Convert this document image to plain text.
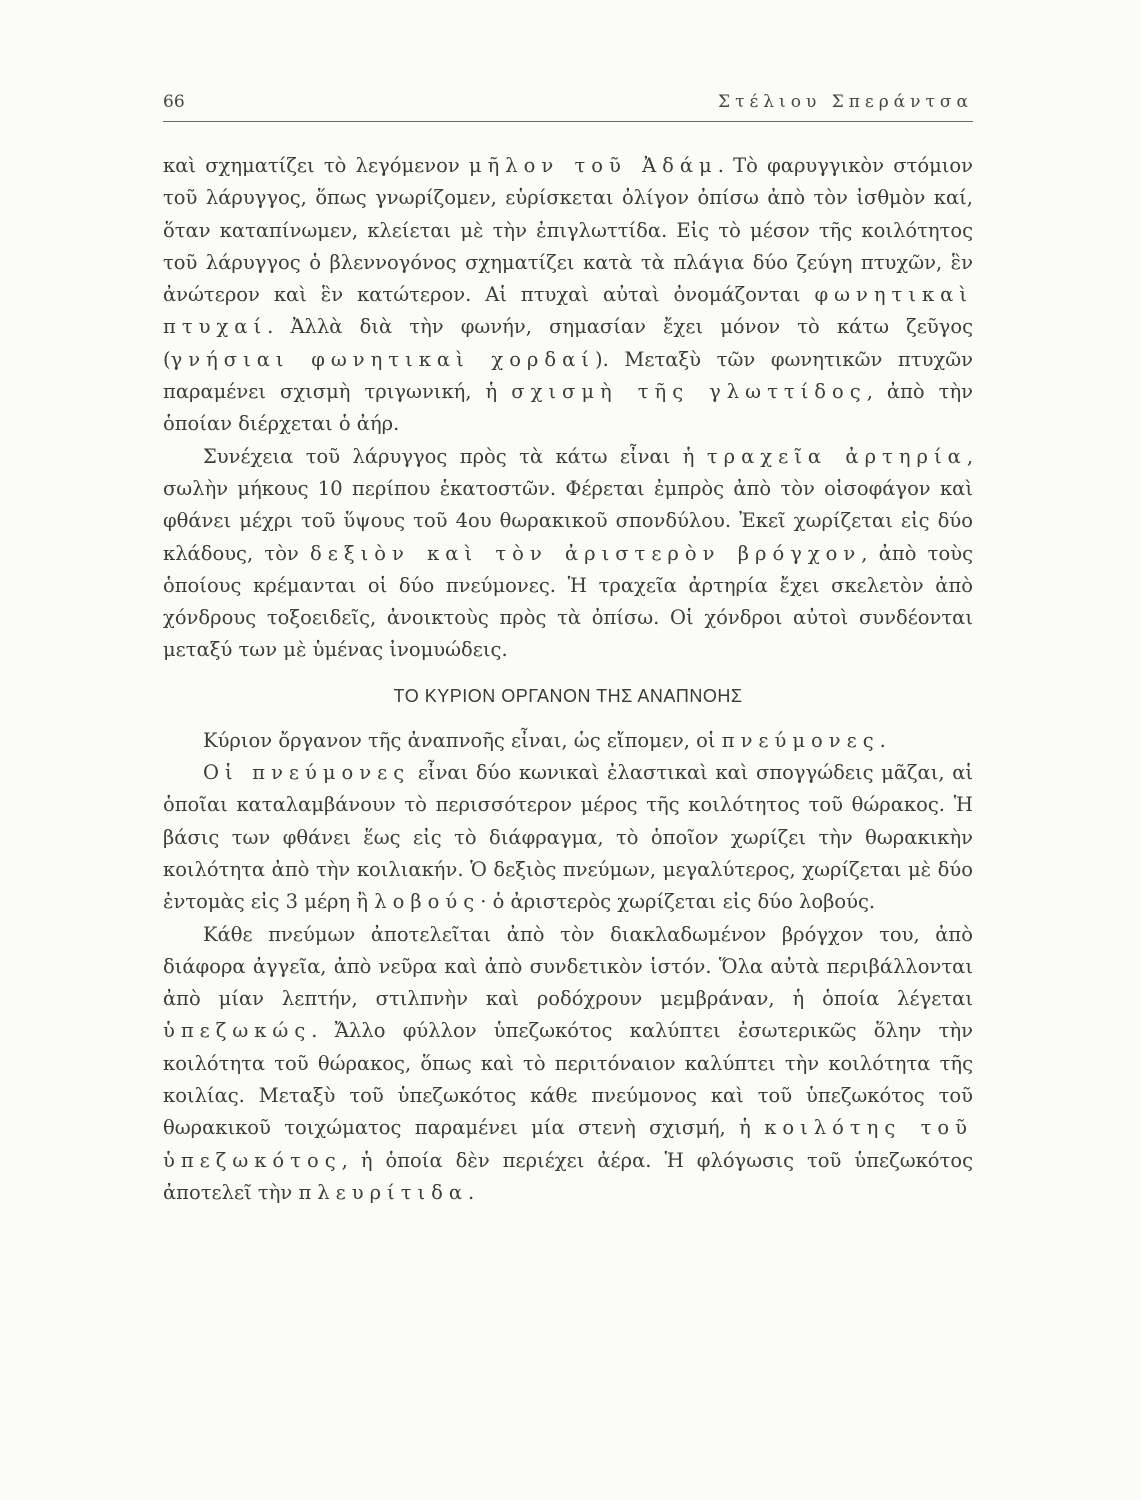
66	Στέλιου Σπεράντσα

καὶ σχηματίζει τὸ λεγόμενον μῆλον τοῦ Ἀδάμ. Τὸ φαρυγγικὸν στόμιον τοῦ λάρυγγος, ὅπως γνωρίζομεν, εὑρίσκεται ὀλίγον ὀπίσω ἀπὸ τὸν ἰσθμὸν καί, ὅταν καταπίνωμεν, κλείεται μὲ τὴν ἐπιγλωττίδα. Εἰς τὸ μέσον τῆς κοιλότητος τοῦ λάρυγγος ὁ βλεννογόνος σχηματίζει κατὰ τὰ πλάγια δύο ζεύγη πτυχῶν, ἓν ἀνώτερον καὶ ἓν κατώτερον. Αἱ πτυχαὶ αὐταὶ ὀνομάζονται φωνητικαὶ πτυχαί. Ἀλλὰ διὰ τὴν φωνήν, σημασίαν ἔχει μόνον τὸ κάτω ζεῦγος (γνήσιαι φωνητικαὶ χορδαί). Μεταξὺ τῶν φωνητικῶν πτυχῶν παραμένει σχισμὴ τριγωνική, ἡ σχισμὴ τῆς γλωττίδος, ἀπὸ τὴν ὁποίαν διέρχεται ὁ ἀήρ.

Συνέχεια τοῦ λάρυγγος πρὸς τὰ κάτω εἶναι ἡ τραχεῖα ἀρτηρία, σωλὴν μήκους 10 περίπου ἑκατοστῶν. Φέρεται ἐμπρὸς ἀπὸ τὸν οἰσοφάγον καὶ φθάνει μέχρι τοῦ ὕψους τοῦ 4ου θωρακικοῦ σπονδύλου. Ἐκεῖ χωρίζεται εἰς δύο κλάδους, τὸν δεξιὸν καὶ τὸν ἀριστερὸν βρόγχον, ἀπὸ τοὺς ὁποίους κρέμανται οἱ δύο πνεύμονες. Ἡ τραχεῖα ἀρτηρία ἔχει σκελετὸν ἀπὸ χόνδρους τοξοειδεῖς, ἀνοικτοὺς πρὸς τὰ ὀπίσω. Οἱ χόνδροι αὐτοὶ συνδέονται μεταξύ των μὲ ὑμένας ἰνομυώδεις.

ΤΟ ΚΥΡΙΟΝ ΟΡΓΑΝΟΝ ΤΗΣ ΑΝΑΠΝΟΗΣ

Κύριον ὄργανον τῆς ἀναπνοῆς εἶναι, ὡς εἴπομεν, οἱ πνεύμονες.

Οἱ πνεύμονες εἶναι δύο κωνικαὶ ἐλαστικαὶ καὶ σπογγώδεις μᾶζαι, αἱ ὁποῖαι καταλαμβάνουν τὸ περισσότερον μέρος τῆς κοιλότητος τοῦ θώρακος. Ἡ βάσις των φθάνει ἕως εἰς τὸ διάφραγμα, τὸ ὁποῖον χωρίζει τὴν θωρακικὴν κοιλότητα ἀπὸ τὴν κοιλιακήν. Ὁ δεξιὸς πνεύμων, μεγαλύτερος, χωρίζεται μὲ δύο ἐντομὰς εἰς 3 μέρη ἢ λοβούς· ὁ ἀριστερὸς χωρίζεται εἰς δύο λοβούς.

Κάθε πνεύμων ἀποτελεῖται ἀπὸ τὸν διακλαδωμένον βρόγχον του, ἀπὸ διάφορα ἀγγεῖα, ἀπὸ νεῦρα καὶ ἀπὸ συνδετικὸν ἱστόν. Ὅλα αὐτὰ περιβάλλονται ἀπὸ μίαν λεπτήν, στιλπνὴν καὶ ροδόχρουν μεμβράναν, ἡ ὁποία λέγεται ὑπεζωκώς. Ἄλλο φύλλον ὑπεζωκότος καλύπτει ἐσωτερικῶς ὅλην τὴν κοιλότητα τοῦ θώρακος, ὅπως καὶ τὸ περιτόναιον καλύπτει τὴν κοιλότητα τῆς κοιλίας. Μεταξὺ τοῦ ὑπεζωκότος κάθε πνεύμονος καὶ τοῦ ὑπεζωκότος τοῦ θωρακικοῦ τοιχώματος παραμένει μία στενὴ σχισμή, ἡ κοιλότης τοῦ ὑπεζωκότος, ἡ ὁποία δὲν περιέχει ἀέρα. Ἡ φλόγωσις τοῦ ὑπεζωκότος ἀποτελεῖ τὴν πλευρίτιδα.
